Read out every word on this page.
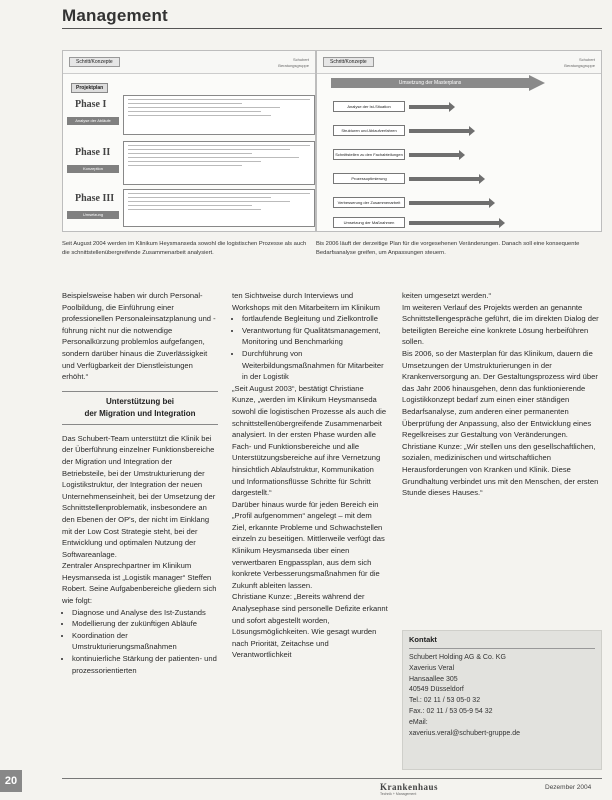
Management
Schritt/Konzepte	Schubert
Beratungsgruppe
Projektplan
Phase I
Analyse der Abläufe
Phase II
Konzeption
Phase III
Umsetzung
Seit August 2004 werden im Klinikum Heysmanseda sowohl die logistischen Prozesse als auch die schnittstellenübergreifende Zusammenarbeit analysiert.
Schritt/Konzepte	Schubert
Beratungsgruppe
Umsetzung der Masterplans
Analyse der Ist-Situation
Strukturen und Ablaufverfahren
Schnittstellen zu den Fachabteilungen
Prozessoptimierung
Verbesserung der Zusammenarbeit
Umsetzung der Maßnahmen
Bis 2006 läuft der derzeitige Plan für die vorgesehenen Veränderungen. Danach soll eine konsequente Bedarfsanalyse greifen, um Anpassungen steuern.

Beispielsweise haben wir durch Personal- Poolbildung, die Einführung einer professionellen Personaleinsatzplanung und -führung nicht nur die notwendige Personalkürzung problemlos aufgefangen, sondern darüber hinaus die Zuverlässigkeit und Verfügbarkeit der Dienstleistungen erhöht.“

Unterstützung bei
der Migration und Integration

Das Schubert-Team unterstützt die Klinik bei der Überführung einzelner Funktionsbereiche der Migration und Integration der Betriebsteile, bei der Umstrukturierung der Logistikstruktur, der Integration der neuen Unternehmenseinheit, bei der Umsetzung der Schnittstellenproblematik, insbesondere an den Ebenen der OP's, der nicht im Einklang mit der Low Cost Strategie steht, bei der Entwicklung und optimalen Nutzung der Softwareanlage.

Zentraler Ansprechpartner im Klinikum Heysmanseda ist „Logistik manager“ Steffen Robert. Seine Aufgabenbereiche gliedern sich wie folgt:

• Diagnose und Analyse des Ist-Zustands
• Modellierung der zukünftigen Abläufe
• Koordination der Umstrukturierungsmaßnahmen
• kontinuierliche Stärkung der patienten- und prozessorientierten

ten Sichtweise durch Interviews und Workshops mit den Mitarbeitern im Klinikum

• fortlaufende Begleitung und Zielkontrolle
• Verantwortung für Qualitätsmanagement, Monitoring und Benchmarking
• Durchführung von Weiterbildungsmaßnahmen für Mitarbeiter in der Logistik

„Seit August 2003“, bestätigt Christiane Kunze, „werden im Klinikum Heysmanseda sowohl die logistischen Prozesse als auch die schnittstellenübergreifende Zusammenarbeit analysiert. In der ersten Phase wurden alle Fach- und Funktionsbereiche und alle Unterstützungsbereiche auf ihre Vernetzung hinsichtlich Ablaufstruktur, Kommunikation und Informationsflüsse Schritte für Schritt dargestellt.“

Darüber hinaus wurde für jeden Bereich ein „Profil aufgenommen“ angelegt – mit dem Ziel, erkannte Probleme und Schwachstellen einzeln zu beseitigen. Mittlerweile verfügt das Klinikum Heysmanseda über einen verwertbaren Engpassplan, aus dem sich konkrete Verbesserungsmaßnahmen für die Zukunft ableiten lassen.

Christiane Kunze: „Bereits während der Analysephase sind personelle Defizite erkannt und sofort abgestellt worden, Lösungsmöglichkeiten. Wie gesagt wurden nach Priorität, Zeitachse und Verantwortlichkeit

keiten umgesetzt werden.“

Im weiteren Verlauf des Projekts werden an genannte Schnittstellengespräche geführt, die im direkten Dialog der beteiligten Bereiche eine konkrete Lösung herbeiführen sollen.

Bis 2006, so der Masterplan für das Klinikum, dauern die Umsetzungen der Umstrukturierungen in der Krankenversorgung an. Der Gestaltungsprozess wird über das Jahr 2006 hinausgehen, denn das funktionierende Logistikkonzept bedarf zum einen einer ständigen Bedarfsanalyse, zum anderen einer permanenten Überprüfung der Anpassung, also der Entwicklung eines Regelkreises zur Gestaltung von Veränderungen.

Christiane Kunze: „Wir stellen uns den gesellschaftlichen, sozialen, medizinischen und wirtschaftlichen Herausforderungen von Kranken und Klinik. Diese Grundhaltung verbindet uns mit den Menschen, der ersten Stunde dieses Hauses.“

Kontakt
Schubert Holding AG & Co. KG
Xaverius Veral
Hansaallee 305
40549 Düsseldorf
Tel.: 02 11 / 53 05-0 32
Fax.: 02 11 / 53 05-9 54 32
eMail:
xaverius.veral@schubert-gruppe.de
20	Krankenhaus
Technik + Management
Dezember 2004
